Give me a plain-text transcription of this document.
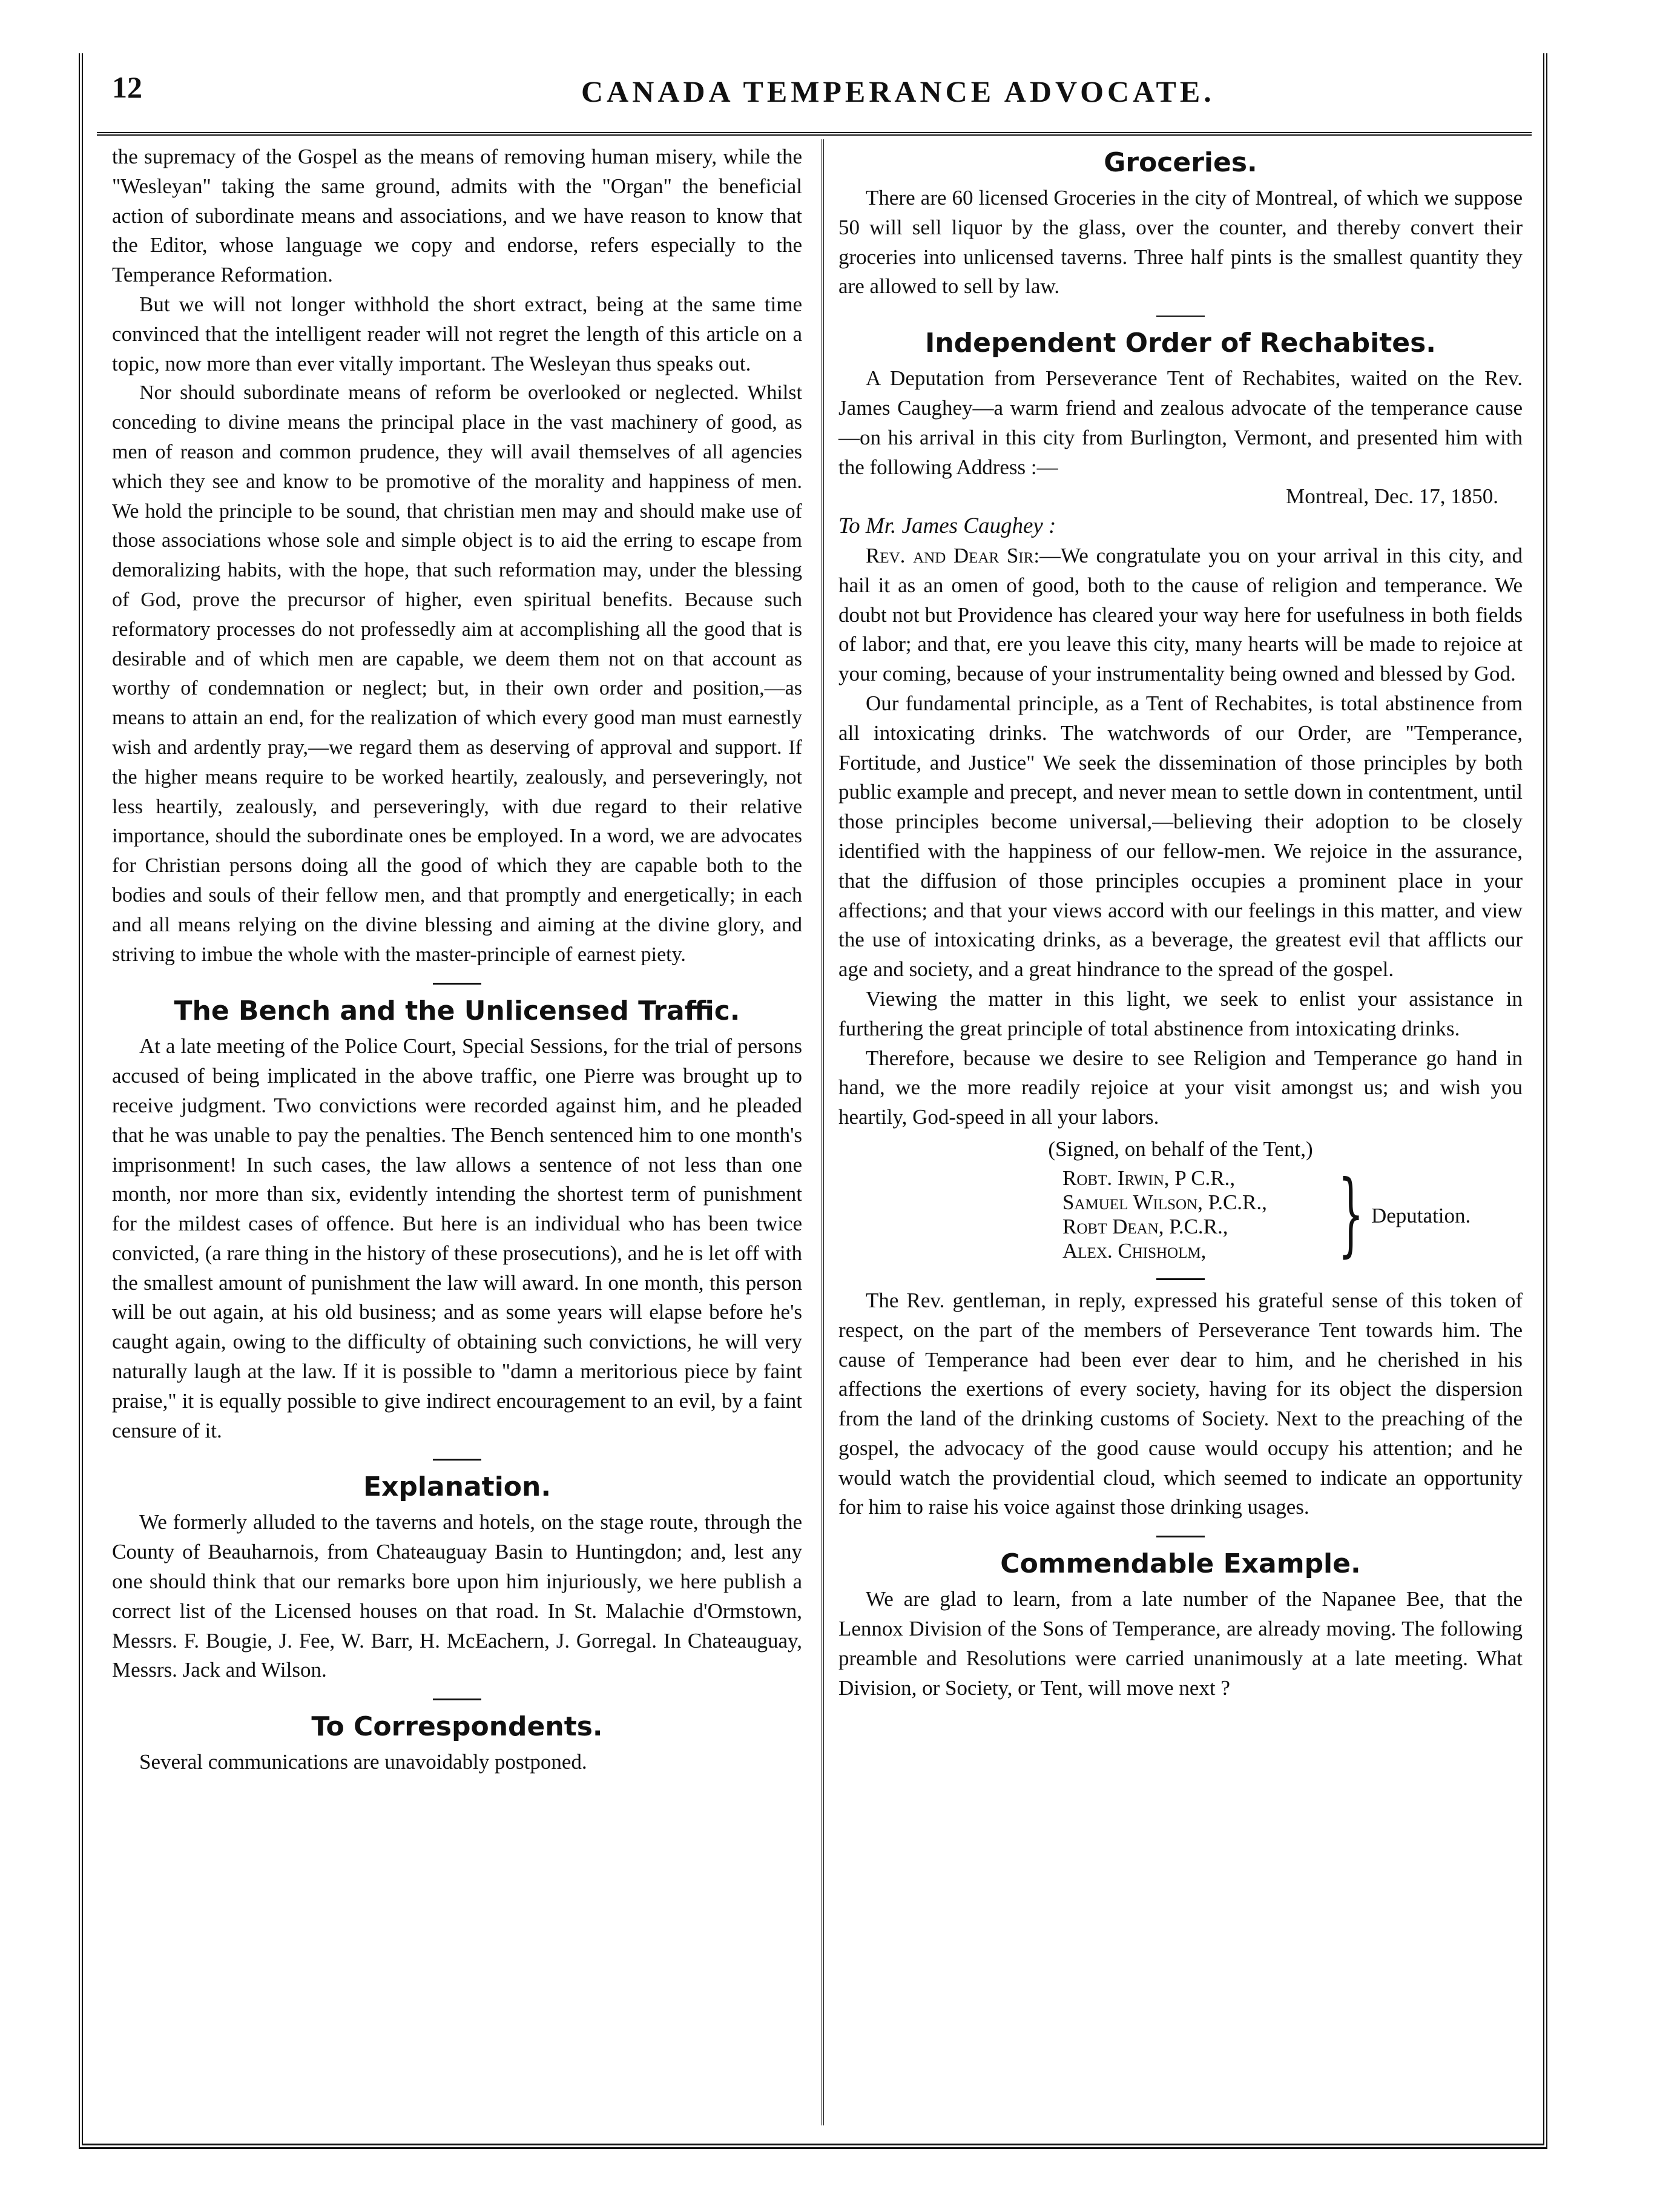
12	CANADA TEMPERANCE ADVOCATE.

the supremacy of the Gospel as the means of removing human misery, while the "Wesleyan" taking the same ground, admits with the "Organ" the beneficial action of subordinate means and associations, and we have reason to know that the Editor, whose language we copy and endorse, refers especially to the Temperance Reformation.

But we will not longer withhold the short extract, being at the same time convinced that the intelligent reader will not regret the length of this article on a topic, now more than ever vitally important. The Wesleyan thus speaks out.

Nor should subordinate means of reform be overlooked or neglected. Whilst conceding to divine means the principal place in the vast machinery of good, as men of reason and common prudence, they will avail themselves of all agencies which they see and know to be promotive of the morality and happiness of men. We hold the principle to be sound, that christian men may and should make use of those associations whose sole and simple object is to aid the erring to escape from demoralizing habits, with the hope, that such reformation may, under the blessing of God, prove the precursor of higher, even spiritual benefits. Because such reformatory processes do not professedly aim at accomplishing all the good that is desirable and of which men are capable, we deem them not on that account as worthy of condemnation or neglect; but, in their own order and position,—as means to attain an end, for the realization of which every good man must earnestly wish and ardently pray,—we regard them as deserving of approval and support. If the higher means require to be worked heartily, zealously, and perseveringly, not less heartily, zealously, and perseveringly, with due regard to their relative importance, should the subordinate ones be employed. In a word, we are advocates for Christian persons doing all the good of which they are capable both to the bodies and souls of their fellow men, and that promptly and energetically; in each and all means relying on the divine blessing and aiming at the divine glory, and striving to imbue the whole with the master-principle of earnest piety.

The Bench and the Unlicensed Traffic.

At a late meeting of the Police Court, Special Sessions, for the trial of persons accused of being implicated in the above traffic, one Pierre was brought up to receive judgment. Two convictions were recorded against him, and he pleaded that he was unable to pay the penalties. The Bench sentenced him to one month's imprisonment! In such cases, the law allows a sentence of not less than one month, nor more than six, evidently intending the shortest term of punishment for the mildest cases of offence. But here is an individual who has been twice convicted, (a rare thing in the history of these prosecutions), and he is let off with the smallest amount of punishment the law will award. In one month, this person will be out again, at his old business; and as some years will elapse before he's caught again, owing to the difficulty of obtaining such convictions, he will very naturally laugh at the law. If it is possible to "damn a meritorious piece by faint praise," it is equally possible to give indirect encouragement to an evil, by a faint censure of it.

Explanation.

We formerly alluded to the taverns and hotels, on the stage route, through the County of Beauharnois, from Chateauguay Basin to Huntingdon; and, lest any one should think that our remarks bore upon him injuriously, we here publish a correct list of the Licensed houses on that road. In St. Malachie d'Ormstown, Messrs. F. Bougie, J. Fee, W. Barr, H. McEachern, J. Gorregal. In Chateauguay, Messrs. Jack and Wilson.

To Correspondents.

Several communications are unavoidably postponed.

Groceries.

There are 60 licensed Groceries in the city of Montreal, of which we suppose 50 will sell liquor by the glass, over the counter, and thereby convert their groceries into unlicensed taverns. Three half pints is the smallest quantity they are allowed to sell by law.

Independent Order of Rechabites.

A Deputation from Perseverance Tent of Rechabites, waited on the Rev. James Caughey—a warm friend and zealous advocate of the temperance cause—on his arrival in this city from Burlington, Vermont, and presented him with the following Address :—

Montreal, Dec. 17, 1850.
To Mr. James Caughey :

Rev. and Dear Sir:—We congratulate you on your arrival in this city, and hail it as an omen of good, both to the cause of religion and temperance. We doubt not but Providence has cleared your way here for usefulness in both fields of labor; and that, ere you leave this city, many hearts will be made to rejoice at your coming, because of your instrumentality being owned and blessed by God.

Our fundamental principle, as a Tent of Rechabites, is total abstinence from all intoxicating drinks. The watchwords of our Order, are "Temperance, Fortitude, and Justice" We seek the dissemination of those principles by both public example and precept, and never mean to settle down in contentment, until those principles become universal,—believing their adoption to be closely identified with the happiness of our fellow-men. We rejoice in the assurance, that the diffusion of those principles occupies a prominent place in your affections; and that your views accord with our feelings in this matter, and view the use of intoxicating drinks, as a beverage, the greatest evil that afflicts our age and society, and a great hindrance to the spread of the gospel.

Viewing the matter in this light, we seek to enlist your assistance in furthering the great principle of total abstinence from intoxicating drinks.

Therefore, because we desire to see Religion and Temperance go hand in hand, we the more readily rejoice at your visit amongst us; and wish you heartily, God-speed in all your labors.

(Signed, on behalf of the Tent,)
Robt. Irwin, P C.R.,
Samuel Wilson, P.C.R.,
Robt Dean, P.C.R.,
Alex. Chisholm,	} Deputation.

The Rev. gentleman, in reply, expressed his grateful sense of this token of respect, on the part of the members of Perseverance Tent towards him. The cause of Temperance had been ever dear to him, and he cherished in his affections the exertions of every society, having for its object the dispersion from the land of the drinking customs of Society. Next to the preaching of the gospel, the advocacy of the good cause would occupy his attention; and he would watch the providential cloud, which seemed to indicate an opportunity for him to raise his voice against those drinking usages.

Commendable Example.

We are glad to learn, from a late number of the Napanee Bee, that the Lennox Division of the Sons of Temperance, are already moving. The following preamble and Resolutions were carried unanimously at a late meeting. What Division, or Society, or Tent, will move next ?
